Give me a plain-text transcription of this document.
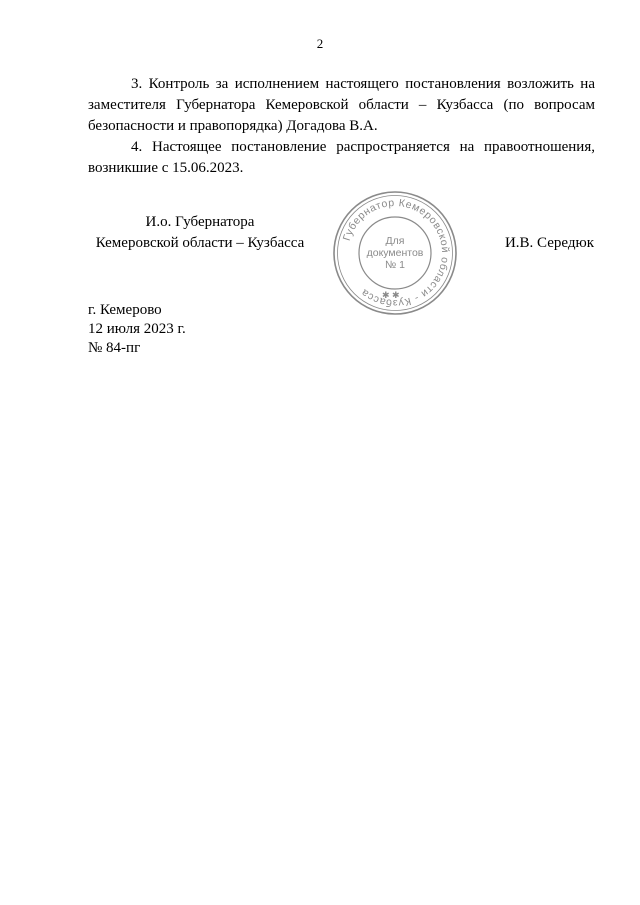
2

3. Контроль за исполнением настоящего постановления возложить на заместителя Губернатора Кемеровской области – Кузбасса (по вопросам безопасности и правопорядка) Догадова В.А.

4. Настоящее постановление распространяется на правоотношения, возникшие с 15.06.2023.

И.о. Губернатора
Кемеровской области – Кузбасса	Губернатор Кемеровской области - Кузбасса	✱ ✱
Для
документов
№ 1
И.В. Середюк
г. Кемерово
12 июля 2023 г.
№ 84-пг
